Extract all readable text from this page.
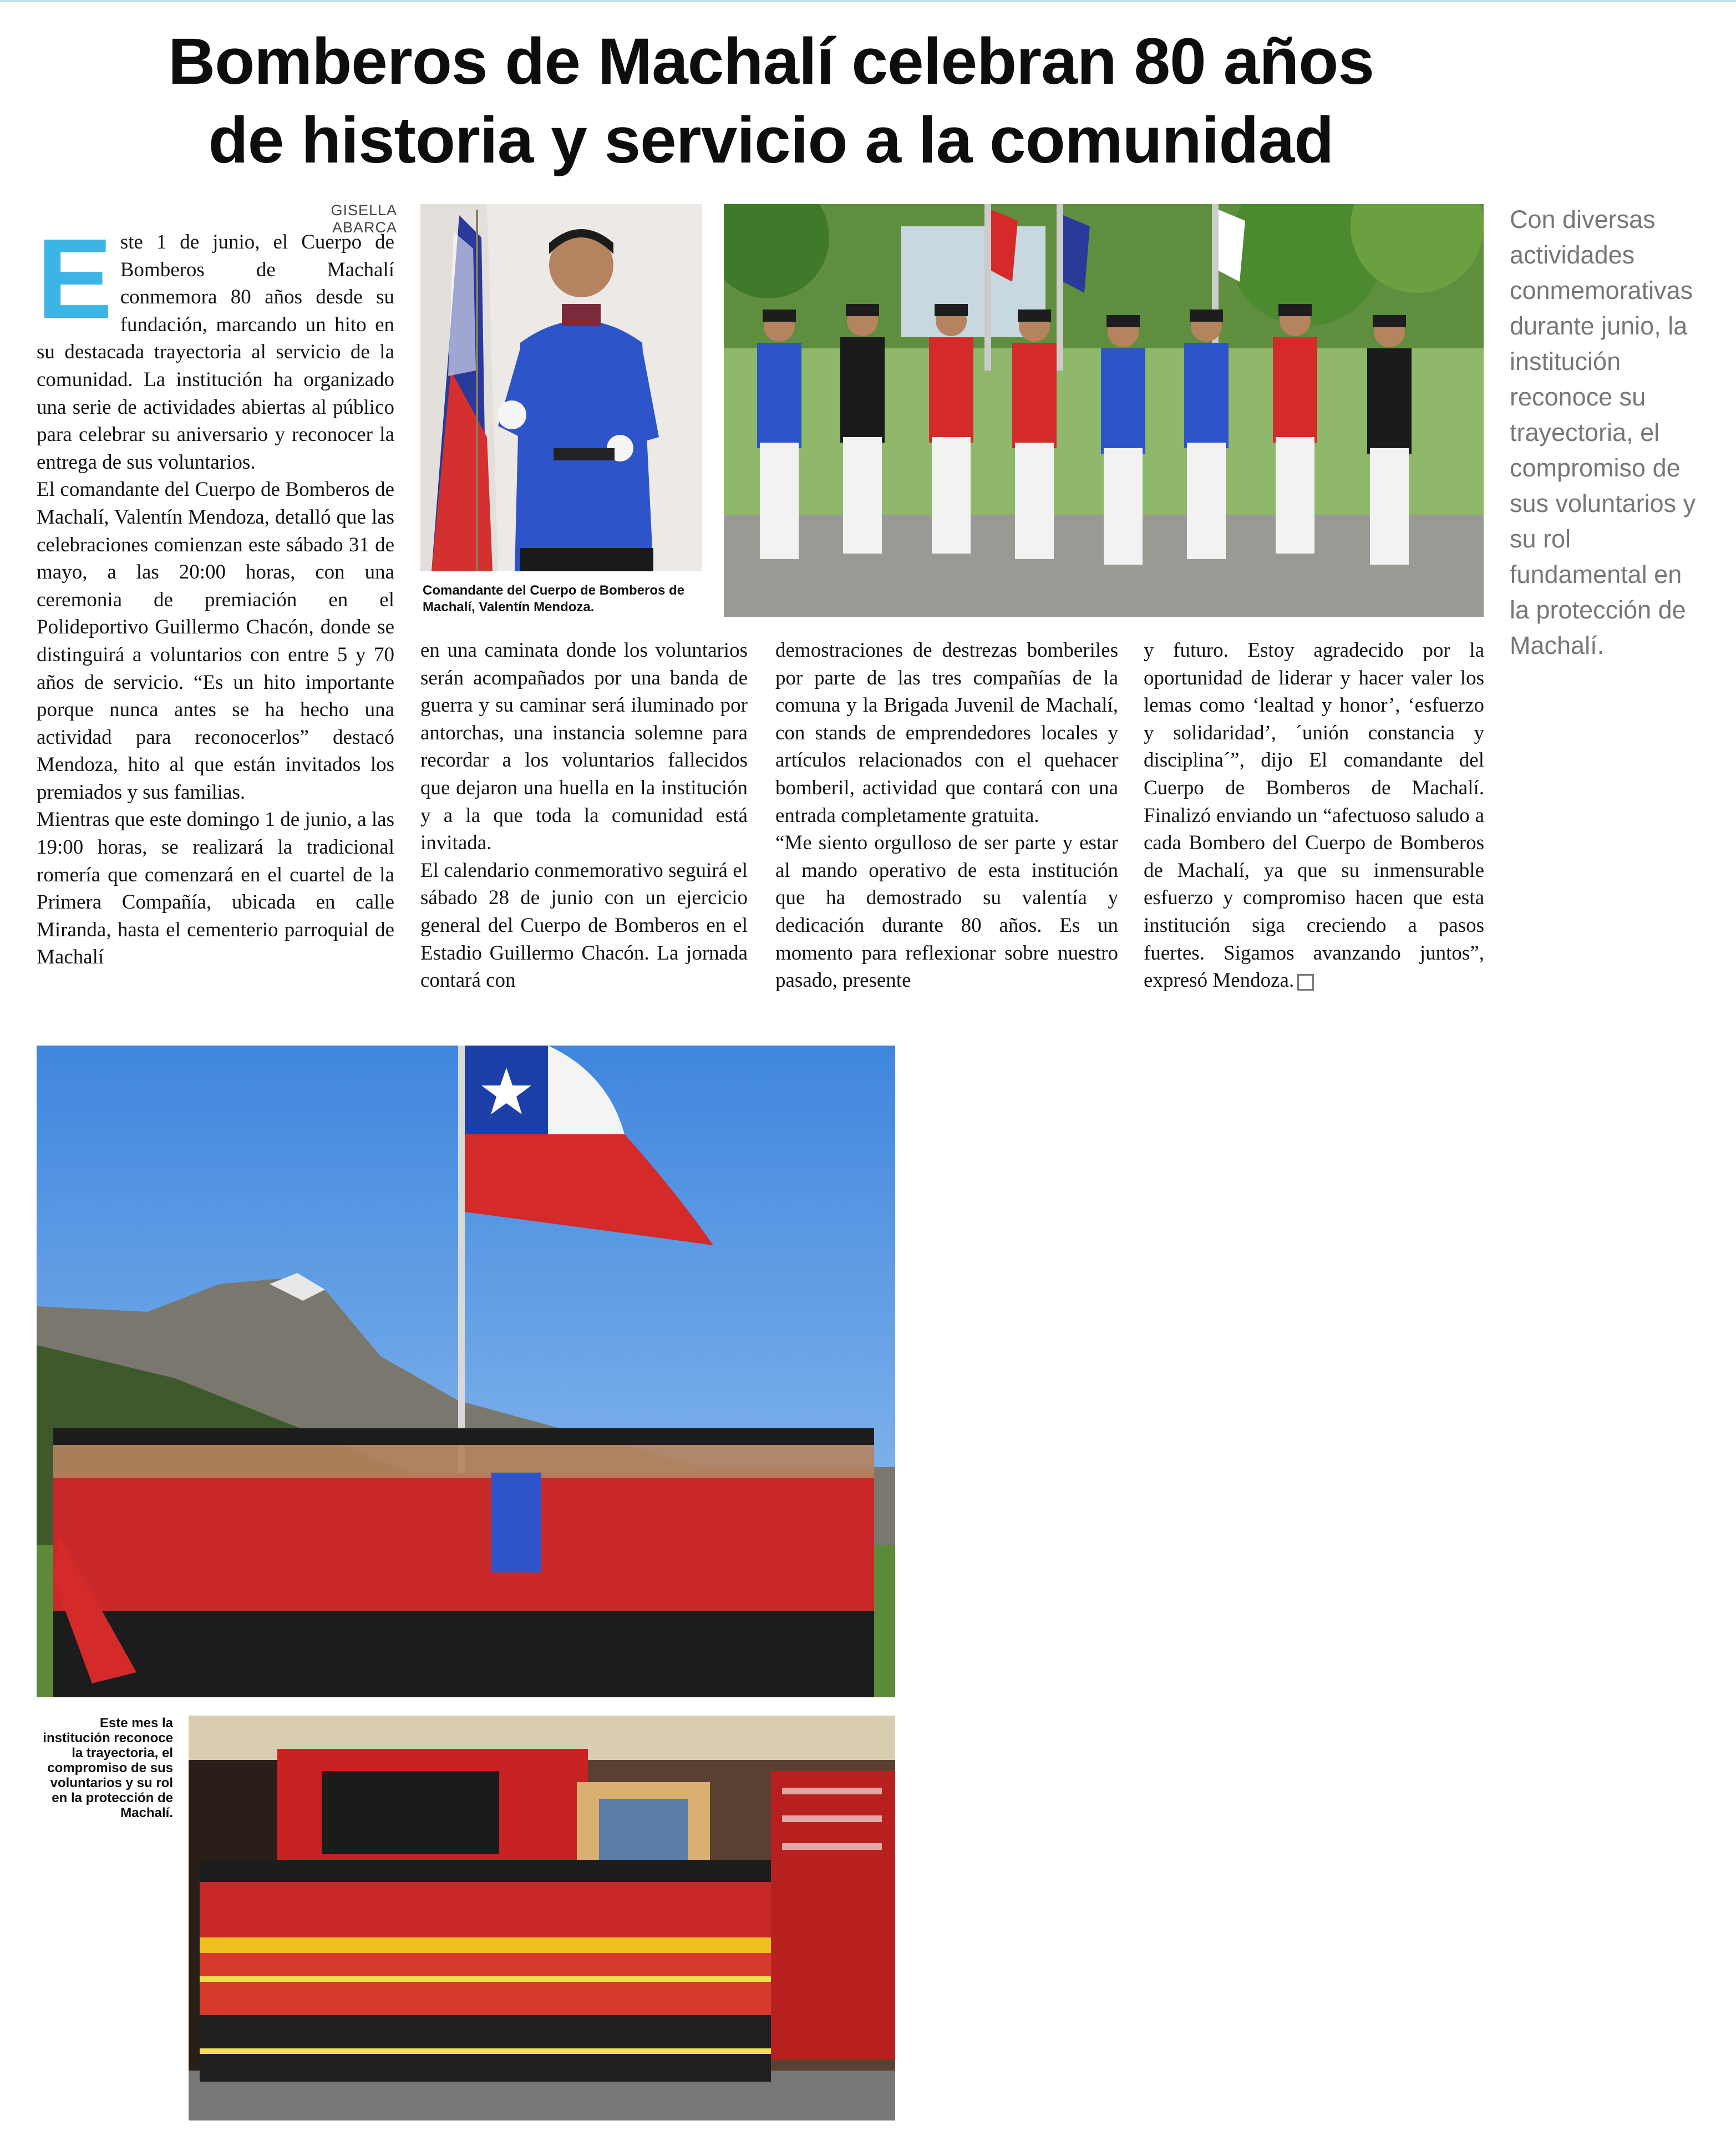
Bomberos de Machalí celebran 80 años
de historia y servicio a la comunidad
GISELLA ABARCA

Este 1 de junio, el Cuerpo de Bomberos de Machalí conmemora 80 años desde su fundación, marcando un hito en su destacada trayectoria al servicio de la comunidad. La institución ha organizado una serie de actividades abiertas al público para celebrar su aniversario y reconocer la entrega de sus voluntarios.

El comandante del Cuerpo de Bomberos de Machalí, Valentín Mendoza, detalló que las celebraciones comienzan este sábado 31 de mayo, a las 20:00 horas, con una ceremonia de premiación en el Polideportivo Guillermo Chacón, donde se distinguirá a voluntarios con entre 5 y 70 años de servicio. “Es un hito importante porque nunca antes se ha hecho una actividad para reconocerlos” destacó Mendoza, hito al que están invitados los premiados y sus familias.

Mientras que este domingo 1 de junio, a las 19:00 horas, se realizará la tradicional romería que comenzará en el cuartel de la Primera Compañía, ubicada en calle Miranda, hasta el cementerio parroquial de Machalí

en una caminata donde los voluntarios serán acompañados por una banda de guerra y su caminar será iluminado por antorchas, una instancia solemne para recordar a los voluntarios fallecidos que dejaron una huella en la institución y a la que toda la comunidad está invitada.

El calendario conmemorativo seguirá el sábado 28 de junio con un ejercicio general del Cuerpo de Bomberos en el Estadio Guillermo Chacón. La jornada contará con

demostraciones de destrezas bomberiles por parte de las tres compañías de la comuna y la Brigada Juvenil de Machalí, con stands de emprendedores locales y artículos relacionados con el quehacer bomberil, actividad que contará con una entrada completamente gratuita.

“Me siento orgulloso de ser parte y estar al mando operativo de esta institución que ha demostrado su valentía y dedicación durante 80 años. Es un momento para reflexionar sobre nuestro pasado, presente

y futuro. Estoy agradecido por la oportunidad de liderar y hacer valer los lemas como ‘lealtad y honor’, ‘esfuerzo y solidaridad’, ´unión constancia y disciplina´”, dijo El comandante del Cuerpo de Bomberos de Machalí. Finalizó enviando un “afectuoso saludo a cada Bombero del Cuerpo de Bomberos de Machalí, ya que su inmensurable esfuerzo y compromiso hacen que esta institución siga creciendo a pasos fuertes. Sigamos avanzando juntos”, expresó Mendoza.

Con diversas actividades conmemorativas durante junio, la institución reconoce su trayectoria, el compromiso de sus voluntarios y su rol fundamental en la protección de Machalí.
Comandante del Cuerpo de Bomberos de Machalí, Valentín Mendoza.
Este mes la institución reconoce la trayectoria, el compromiso de sus voluntarios y su rol en la protección de Machalí.
